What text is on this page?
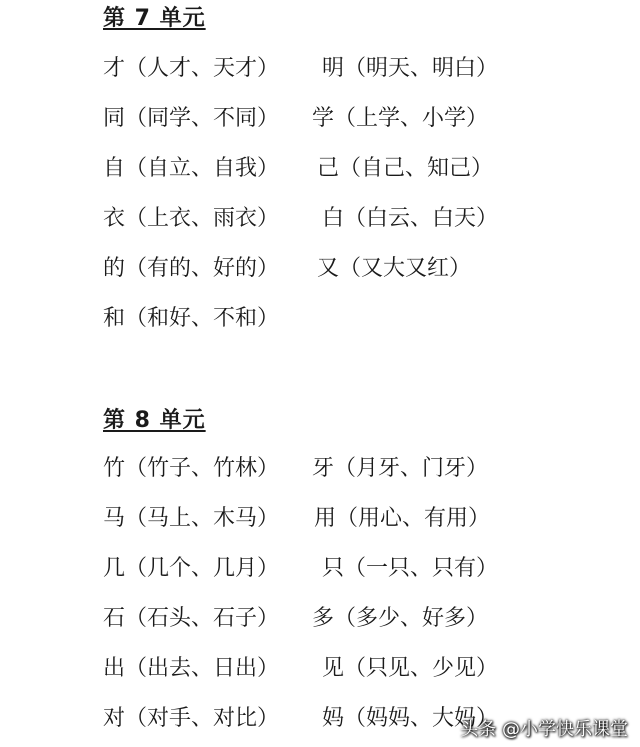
第 7 单元
才（人才、天才） 明（明天、明白）
同（同学、不同） 学（上学、小学）
自（自立、自我） 己（自己、知己）
衣（上衣、雨衣） 白（白云、白天）
的（有的、好的） 又（又大又红）
和（和好、不和）
第 8 单元
竹（竹子、竹林） 牙（月牙、门牙）
马（马上、木马） 用（用心、有用）
几（几个、几月） 只（一只、只有）
石（石头、石子） 多（多少、好多）
出（出去、日出） 见（只见、少见）
对（对手、对比） 妈（妈妈、大妈）
头条 @小学快乐课堂
